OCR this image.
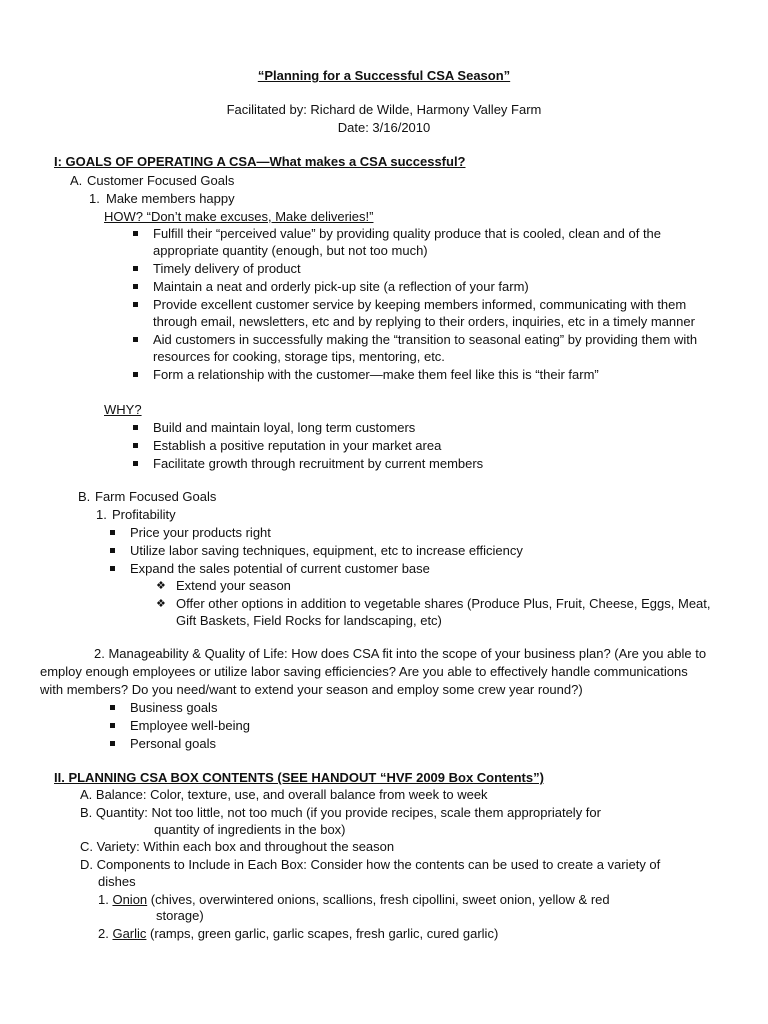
“Planning for a Successful CSA Season”
Facilitated by: Richard de Wilde, Harmony Valley Farm
Date: 3/16/2010
I: GOALS OF OPERATING A CSA—What makes a CSA successful?
A. Customer Focused Goals
1. Make members happy
HOW? “Don’t make excuses, Make deliveries!”
Fulfill their “perceived value” by providing quality produce that is cooled, clean and of the
appropriate quantity (enough, but not too much)
Timely delivery of product
Maintain a neat and orderly pick-up site (a reflection of your farm)
Provide excellent customer service by keeping members informed, communicating with them
through email, newsletters, etc and by replying to their orders, inquiries, etc in a timely manner
Aid customers in successfully making the “transition to seasonal eating” by providing them with
resources for cooking, storage tips, mentoring, etc.
Form a relationship with the customer—make them feel like this is “their farm”
WHY?
Build and maintain loyal, long term customers
Establish a positive reputation in your market area
Facilitate growth through recruitment by current members
B. Farm Focused Goals
1. Profitability
Price your products right
Utilize labor saving techniques, equipment, etc to increase efficiency
Expand the sales potential of current customer base
❖ Extend your season
❖ Offer other options in addition to vegetable shares (Produce Plus, Fruit, Cheese, Eggs, Meat,
Gift Baskets, Field Rocks for landscaping, etc)
2. Manageability & Quality of Life: How does CSA fit into the scope of your business plan? (Are you able to
employ enough employees or utilize labor saving efficiencies? Are you able to effectively handle communications
with members? Do you need/want to extend your season and employ some crew year round?)
Business goals
Employee well-being
Personal goals
II. PLANNING CSA BOX CONTENTS (SEE HANDOUT “HVF 2009 Box Contents”)
A. Balance: Color, texture, use, and overall balance from week to week
B. Quantity: Not too little, not too much (if you provide recipes, scale them appropriately for
quantity of ingredients in the box)
C. Variety: Within each box and throughout the season
D. Components to Include in Each Box: Consider how the contents can be used to create a variety of
dishes
1. Onion (chives, overwintered onions, scallions, fresh cipollini, sweet onion, yellow & red
storage)
2. Garlic (ramps, green garlic, garlic scapes, fresh garlic, cured garlic)
